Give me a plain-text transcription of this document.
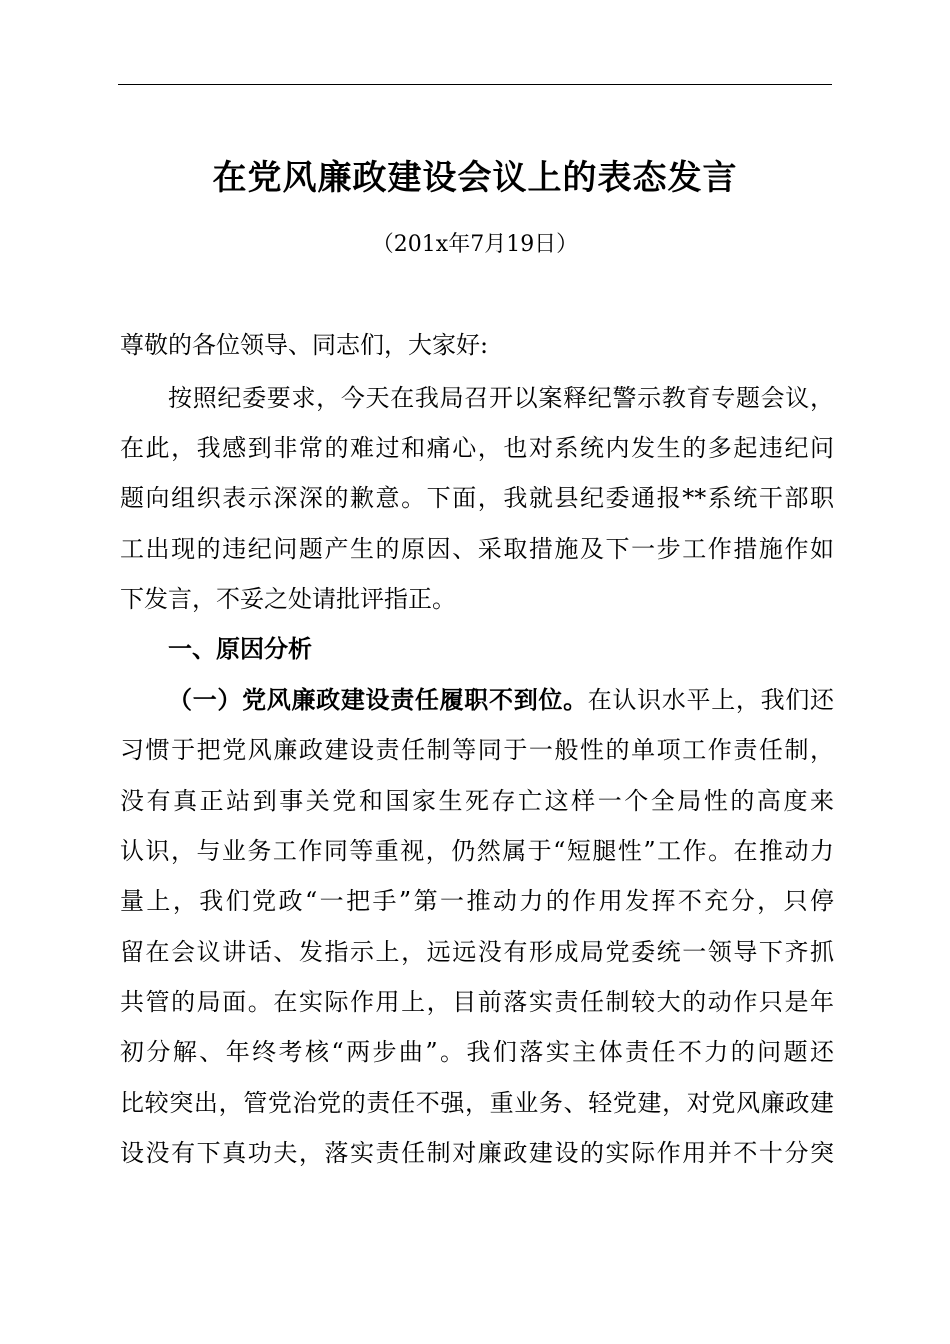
在党风廉政建设会议上的表态发言
（201x年7月19日）
尊敬的各位领导、同志们，大家好:
按照纪委要求，今天在我局召开以案释纪警示教育专题会议，
在此，我感到非常的难过和痛心，也对系统内发生的多起违纪问
题向组织表示深深的歉意。下面，我就县纪委通报**系统干部职
工出现的违纪问题产生的原因、采取措施及下一步工作措施作如
下发言，不妥之处请批评指正。
一、原因分析
（一）党风廉政建设责任履职不到位。在认识水平上，我们还
习惯于把党风廉政建设责任制等同于一般性的单项工作责任制，
没有真正站到事关党和国家生死存亡这样一个全局性的高度来
认识，与业务工作同等重视，仍然属于“短腿性”工作。在推动力
量上，我们党政“一把手”第一推动力的作用发挥不充分，只停
留在会议讲话、发指示上，远远没有形成局党委统一领导下齐抓
共管的局面。在实际作用上，目前落实责任制较大的动作只是年
初分解、年终考核“两步曲”。我们落实主体责任不力的问题还
比较突出，管党治党的责任不强，重业务、轻党建，对党风廉政建
设没有下真功夫，落实责任制对廉政建设的实际作用并不十分突
